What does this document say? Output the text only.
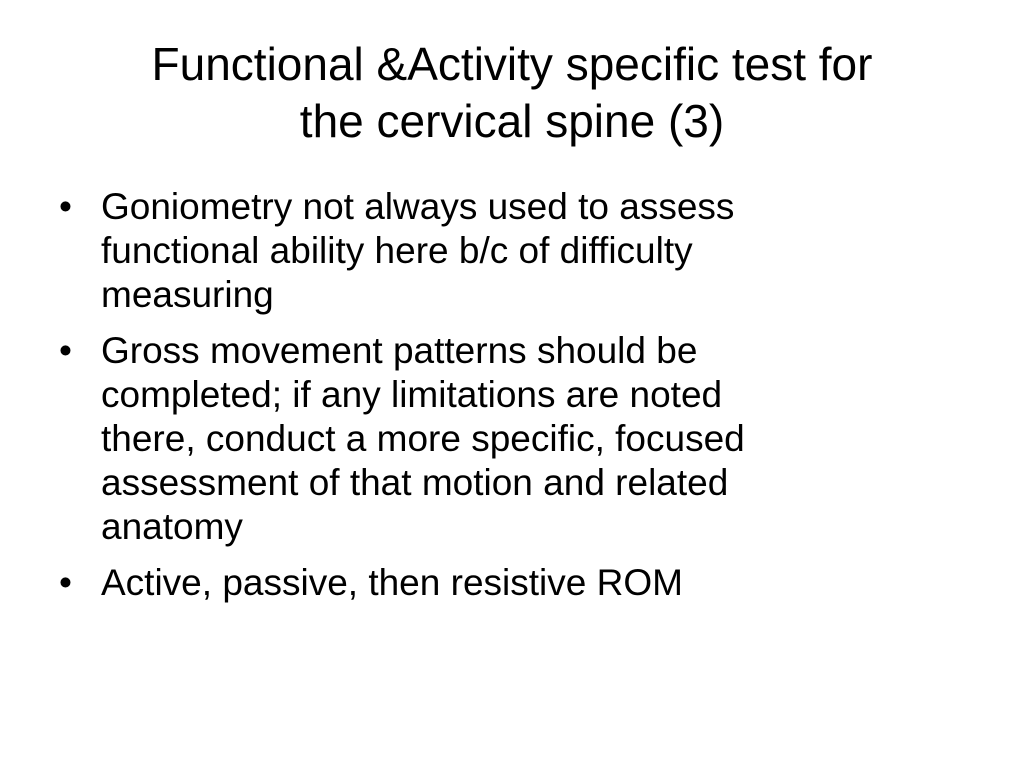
Functional &Activity specific test for
the cervical spine (3)
• Goniometry not always used to assess
functional ability here b/c of difficulty
measuring
• Gross movement patterns should be
completed; if any limitations are noted
there, conduct a more specific, focused
assessment of that motion and related
anatomy
• Active, passive, then resistive ROM
